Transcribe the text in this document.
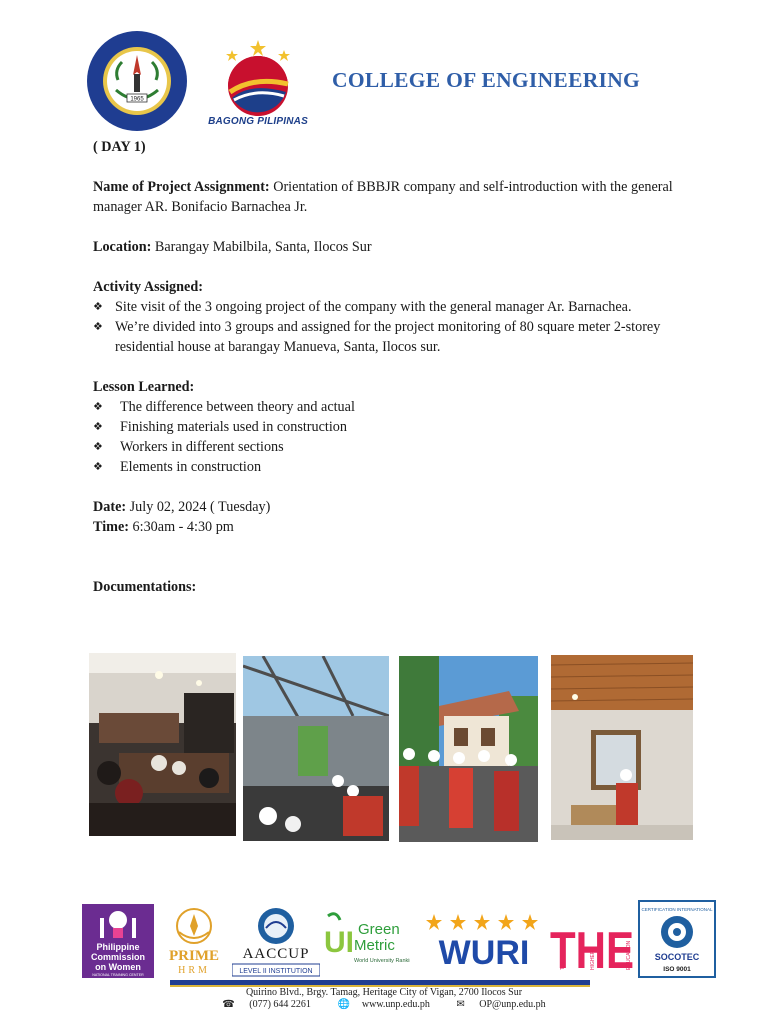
1965
BAGONG PILIPINAS
COLLEGE OF ENGINEERING

( DAY 1)

Name of Project Assignment: Orientation of BBBJR company and self-introduction with the general manager AR. Bonifacio Barnachea Jr.

Location: Barangay Mabilbila, Santa, Ilocos Sur

Activity Assigned:

❖ Site visit of the 3 ongoing project of the company with the general manager Ar. Barnachea.
❖ We’re divided into 3 groups and assigned for the project monitoring of 80 square meter 2-storey residential house at barangay Manueva, Santa, Ilocos sur.

Lesson Learned:

❖ The difference between theory and actual
❖ Finishing materials used in construction
❖ Workers in different sections
❖ Elements in construction

Date: July 02, 2024 ( Tuesday)

Time: 6:30am - 4:30 pm

Documentations:

Philippine
Commission
on Women
NATIONAL TRAINING CENTER
PRIME
HRM
AACCUP
LEVEL II INSTITUTION
UI Green
Metric
World University Rank WURI THE
TIMES	HIGHER	EDUCATION
CERTIFICATION INTERNATIONAL
SOCOTEC
ISO 9001
Quirino Blvd., Brgy. Tamag, Heritage City of Vigan, 2700 Ilocos Sur
☎ (077) 644 2261	🌐 www.unp.edu.ph	✉ OP@unp.edu.ph
